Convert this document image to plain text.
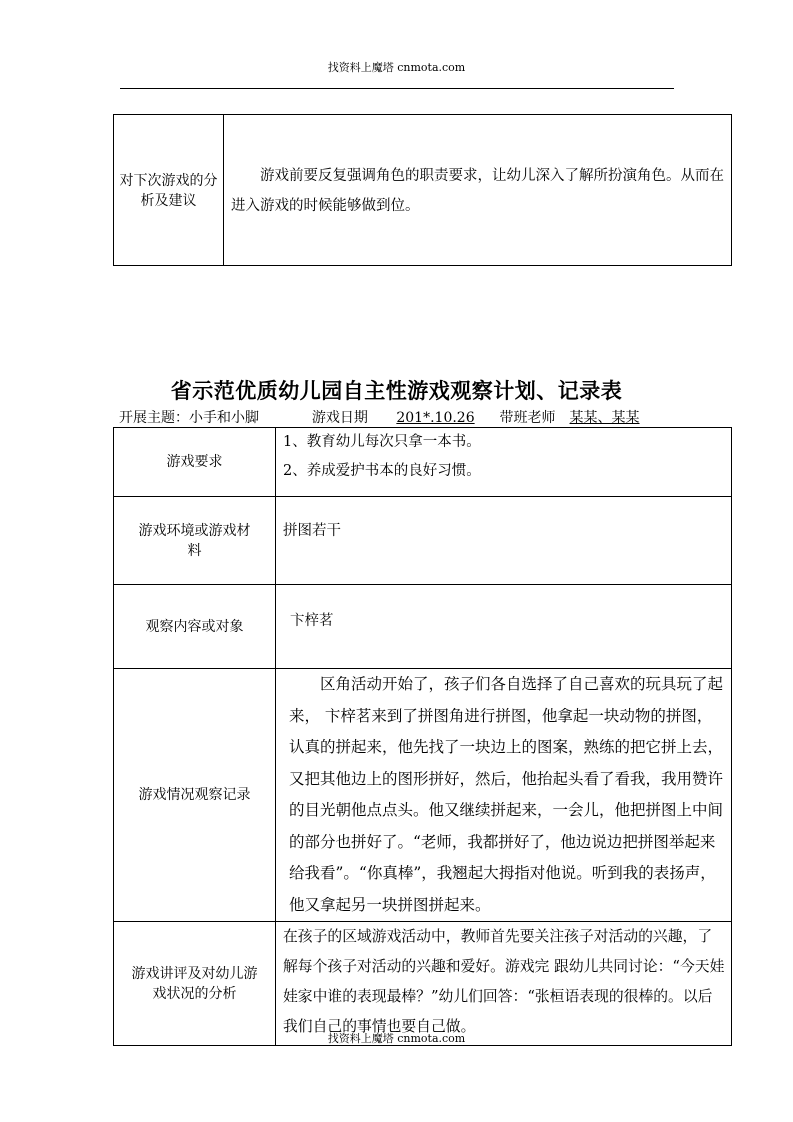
找资料上魔塔 cnmota.com
对下次游戏的分析及建议	游戏前要反复强调角色的职责要求，让幼儿深入了解所扮演角色。从而在进入游戏的时候能够做到位。
省示范优质幼儿园自主性游戏观察计划、记录表
开展主题：小手和小脚	游戏日期 201*.10.26 带班老师 某某、某某
游戏要求	1、教育幼儿每次只拿一本书。
2、养成爱护书本的良好习惯。

游戏环境或游戏材料	拼图若干
观察内容或对象	卞梓茗
游戏情况观察记录	区角活动开始了，孩子们各自选择了自己喜欢的玩具玩了起来， 卞梓茗来到了拼图角进行拼图，他拿起一块动物的拼图，认真的拼起来，他先找了一块边上的图案，熟练的把它拼上去，又把其他边上的图形拼好，然后，他抬起头看了看我，我用赞许的目光朝他点点头。他又继续拼起来，一会儿，他把拼图上中间的部分也拼好了。“老师，我都拼好了，他边说边把拼图举起来给我看”。“你真棒”，我翘起大拇指对他说。听到我的表扬声，他又拿起另一块拼图拼起来。
游戏讲评及对幼儿游戏状况的分析	在孩子的区域游戏活动中，教师首先要关注孩子对活动的兴趣，了解每个孩子对活动的兴趣和爱好。游戏完 跟幼儿共同讨论：“今天娃娃家中谁的表现最棒？”幼儿们回答：“张桓语表现的很棒的。以后我们自己的事情也要自己做。
找资料上魔塔 cnmota.com
